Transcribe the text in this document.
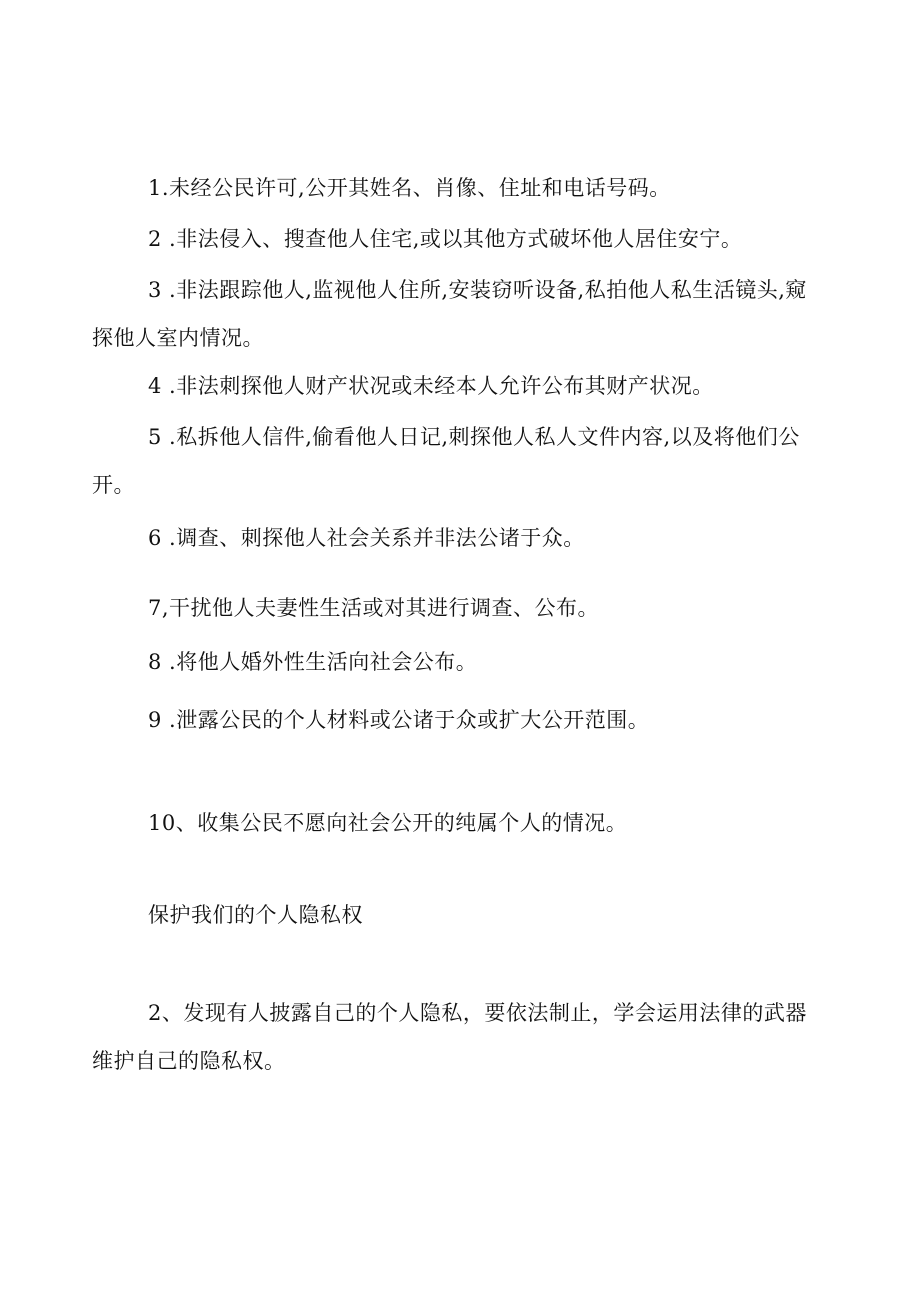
1.未经公民许可,公开其姓名、肖像、住址和电话号码。

2 .非法侵入、搜查他人住宅,或以其他方式破坏他人居住安宁。

3 .非法跟踪他人,监视他人住所,安装窃听设备,私拍他人私生活镜头,窥探他人室内情况。

4 .非法刺探他人财产状况或未经本人允许公布其财产状况。

5 .私拆他人信件,偷看他人日记,刺探他人私人文件内容,以及将他们公开。

6 .调查、刺探他人社会关系并非法公诸于众。

7,干扰他人夫妻性生活或对其进行调查、公布。

8 .将他人婚外性生活向社会公布。

9 .泄露公民的个人材料或公诸于众或扩大公开范围。

10、收集公民不愿向社会公开的纯属个人的情况。

保护我们的个人隐私权

2、发现有人披露自己的个人隐私，要依法制止，学会运用法律的武器维护自己的隐私权。
